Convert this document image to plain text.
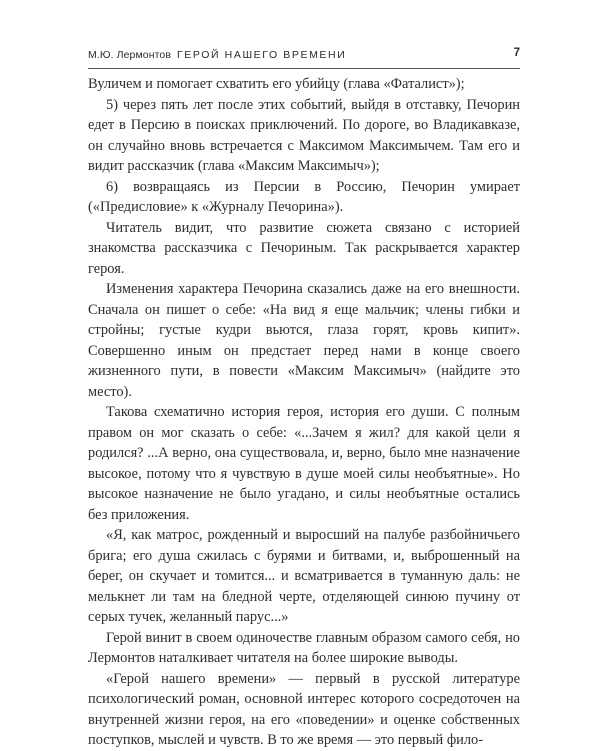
М.Ю. Лермонтов ГЕРОЙ НАШЕГО ВРЕМЕНИ	7

Вуличем и помогает схватить его убийцу (глава «Фаталист»);

5) через пять лет после этих событий, выйдя в отставку, Печорин едет в Персию в поисках приключений. По дороге, во Владикавказе, он случайно вновь встречается с Максимом Максимычем. Там его и видит рассказчик (глава «Максим Максимыч»);

6) возвращаясь из Персии в Россию, Печорин умирает («Предисловие» к «Журналу Печорина»).

Читатель видит, что развитие сюжета связано с историей знакомства рассказчика с Печориным. Так раскрывается характер героя.

Изменения характера Печорина сказались даже на его внешности. Сначала он пишет о себе: «На вид я еще мальчик; члены гибки и стройны; густые кудри вьются, глаза горят, кровь кипит». Совершенно иным он предстает перед нами в конце своего жизненного пути, в повести «Максим Максимыч» (найдите это место).

Такова схематично история героя, история его души. С полным правом он мог сказать о себе: «...Зачем я жил? для какой цели я родился? ...А верно, она существовала, и, верно, было мне назначение высокое, потому что я чувствую в душе моей силы необъятные». Но высокое назначение не было угадано, и силы необъятные остались без приложения.

«Я, как матрос, рожденный и выросший на палубе разбойничьего брига; его душа сжилась с бурями и битвами, и, выброшенный на берег, он скучает и томится... и всматривается в туманную даль: не мелькнет ли там на бледной черте, отделяющей синюю пучину от серых тучек, желанный парус...»

Герой винит в своем одиночестве главным образом самого себя, но Лермонтов наталкивает читателя на более широкие выводы.

«Герой нашего времени» — первый в русской литературе психологический роман, основной интерес которого сосредоточен на внутренней жизни героя, на его «поведении» и оценке собственных поступков, мыслей и чувств. В то же время — это первый фило-
